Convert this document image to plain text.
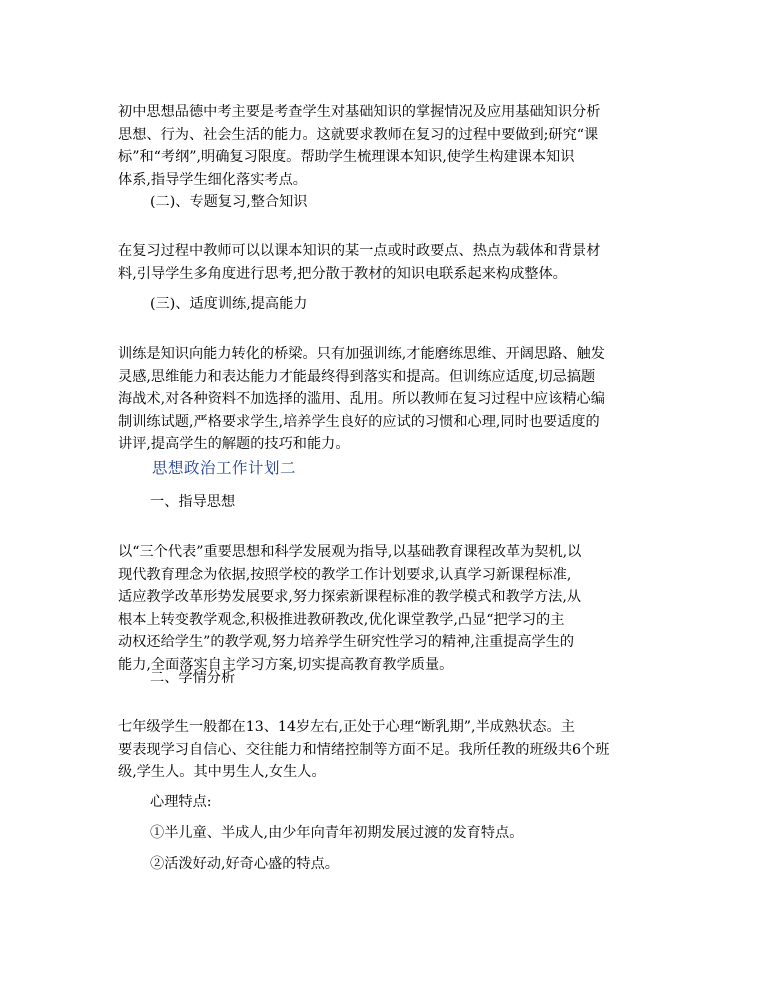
初中思想品德中考主要是考查学生对基础知识的掌握情况及应用基础知识分析
思想、行为、社会生活的能力。这就要求教师在复习的过程中要做到;研究“课
标”和“考纲”,明确复习限度。帮助学生梳理课本知识,使学生构建课本知识
体系,指导学生细化落实考点。

(二)、专题复习,整合知识

在复习过程中教师可以以课本知识的某一点或时政要点、热点为载体和背景材
料,引导学生多角度进行思考,把分散于教材的知识电联系起来构成整体。

(三)、适度训练,提高能力

训练是知识向能力转化的桥梁。只有加强训练,才能磨练思维、开阔思路、触发
灵感,思维能力和表达能力才能最终得到落实和提高。但训练应适度,切忌搞题
海战术,对各种资料不加选择的滥用、乱用。所以教师在复习过程中应该精心编
制训练试题,严格要求学生,培养学生良好的应试的习惯和心理,同时也要适度的
讲评,提高学生的解题的技巧和能力。

思想政治工作计划二

一、指导思想

以“三个代表”重要思想和科学发展观为指导,以基础教育课程改革为契机,以
现代教育理念为依据,按照学校的教学工作计划要求,认真学习新课程标准,
适应教学改革形势发展要求,努力探索新课程标准的教学模式和教学方法,从
根本上转变教学观念,积极推进教研教改,优化课堂教学,凸显“把学习的主
动权还给学生”的教学观,努力培养学生研究性学习的精神,注重提高学生的
能力,全面落实自主学习方案,切实提高教育教学质量。

二、学情分析

七年级学生一般都在13、14岁左右,正处于心理“断乳期”,半成熟状态。主
要表现学习自信心、交往能力和情绪控制等方面不足。我所任教的班级共6个班
级,学生人。其中男生人,女生人。

心理特点:

①半儿童、半成人,由少年向青年初期发展过渡的发育特点。

②活泼好动,好奇心盛的特点。
